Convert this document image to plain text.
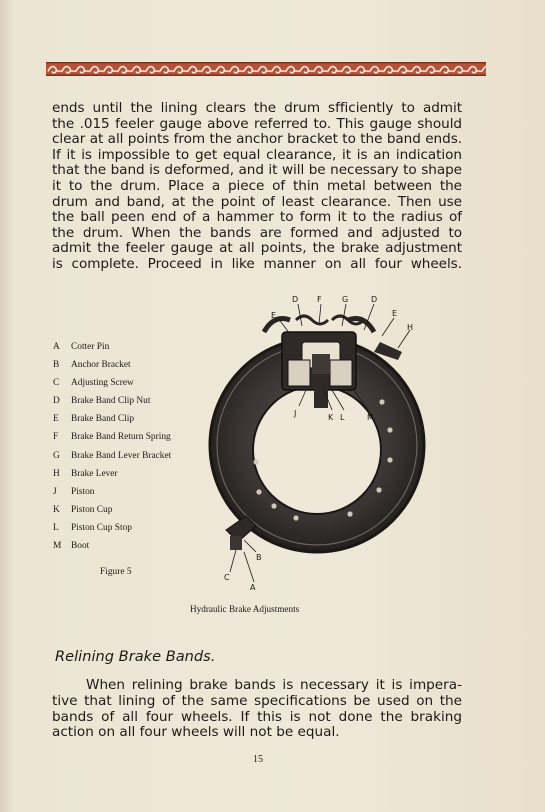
ends until the lining clears the drum sfficiently to admit
the .015 feeler gauge above referred to. This gauge should
clear at all points from the anchor bracket to the band ends.
If it is impossible to get equal clearance, it is an indication
that the band is deformed, and it will be necessary to shape
it to the drum. Place a piece of thin metal between the
drum and band, at the point of least clearance. Then use
the ball peen end of a hammer to form it to the radius of
the drum. When the bands are formed and adjusted to
admit the feeler gauge at all points, the brake adjustment
is complete. Proceed in like manner on all four wheels.
A	Cotter Pin
B	Anchor Bracket
C	Adjusting Screw
D	Brake Band Clip Nut
E	Brake Band Clip
F	Brake Band Return Spring
G	Brake Band Lever Bracket
H	Brake Lever
J	Piston
K	Piston Cup
L	Piston Cup Stop
M	Boot
D F	G	D
E	E
H
J	K L	M
B
C
A
Figure 5
Hydraulic Brake Adjustments
Relining Brake Bands.
When relining brake bands is necessary it is impera-
tive that lining of the same specifications be used on the
bands of all four wheels. If this is not done the braking
action on all four wheels will not be equal.
15
